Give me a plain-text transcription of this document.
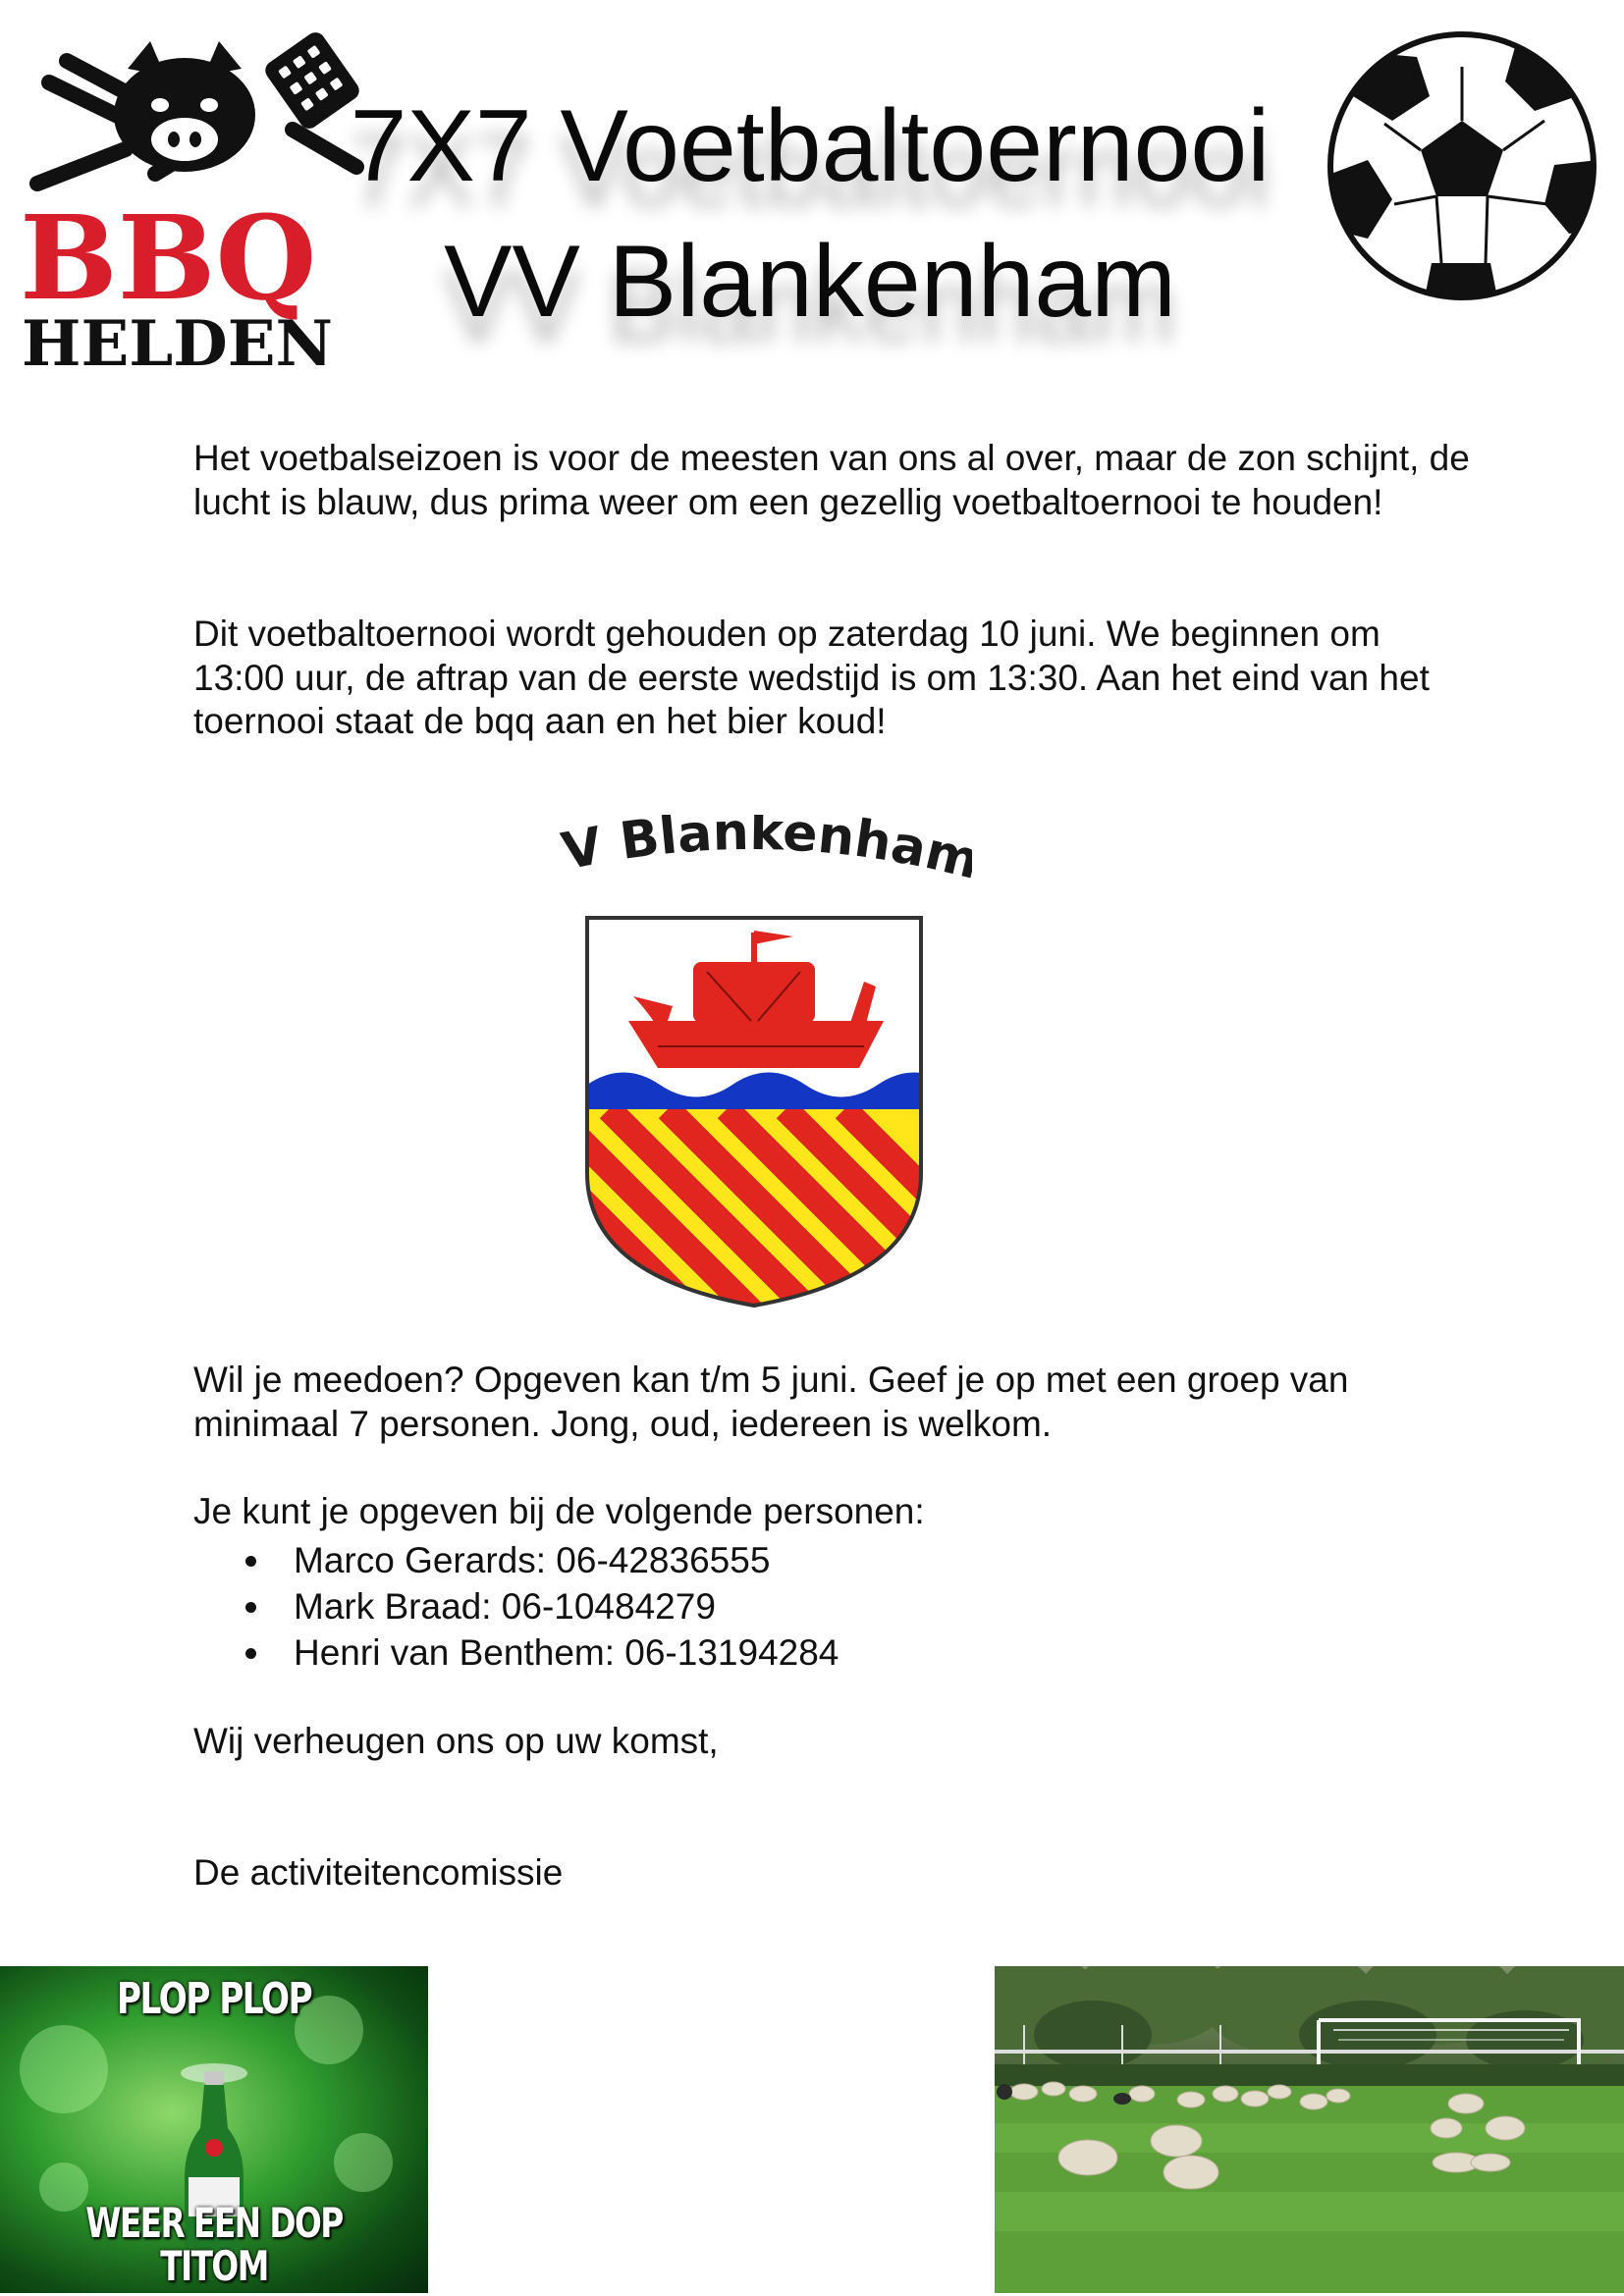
BBQ
HELDEN
7X7 Voetbaltoernooi
VV Blankenham

Het voetbalseizoen is voor de meesten van ons al over, maar de zon schijnt, de lucht is blauw, dus prima weer om een gezellig voetbaltoernooi te houden!

Dit voetbaltoernooi wordt gehouden op zaterdag 10 juni. We beginnen om 13:00 uur, de aftrap van de eerste wedstijd is om 13:30. Aan het eind van het toernooi staat de bqq aan en het bier koud!

V Blankenha

Wil je meedoen? Opgeven kan t/m 5 juni. Geef je op met een groep van minimaal 7 personen. Jong, oud, iedereen is welkom.

Je kunt je opgeven bij de volgende personen:

Marco Gerards: 06-42836555
Mark Braad: 06-10484279
Henri van Benthem: 06-13194284

Wij verheugen ons op uw komst,

De activiteitencomissie

PLOP PLOP
WEER EEN DOP
TITOM
